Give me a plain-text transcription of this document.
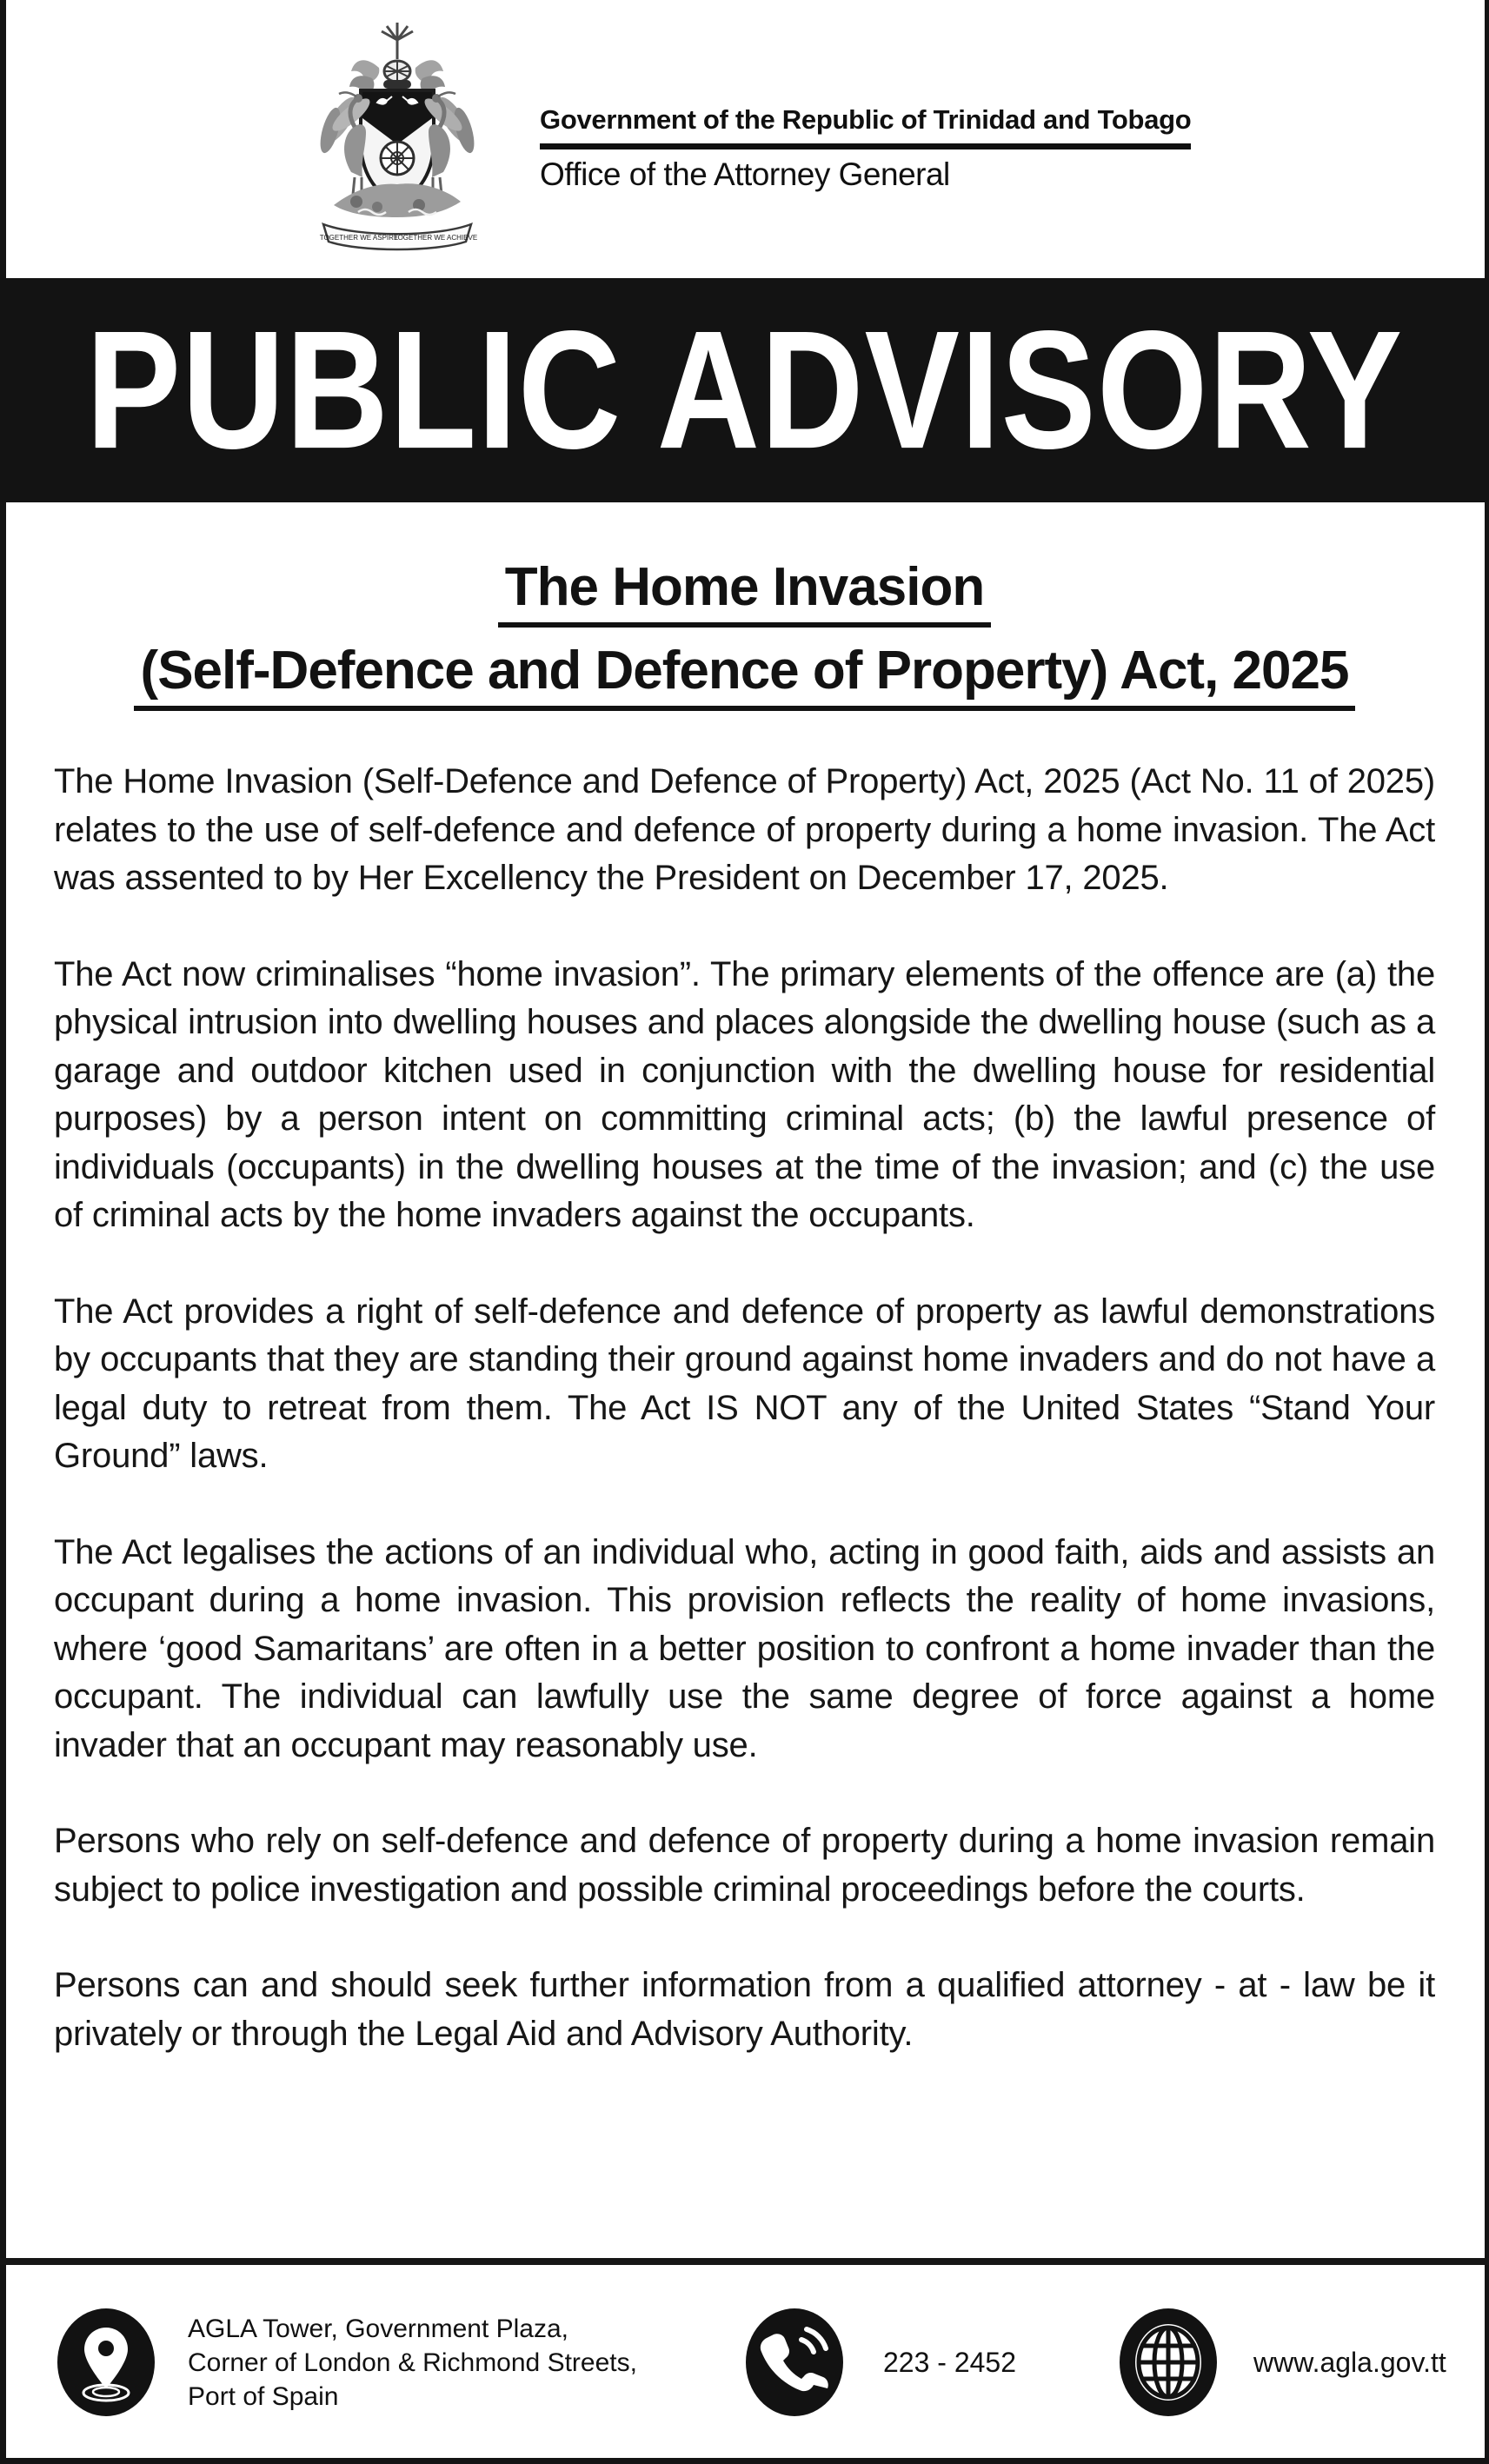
TOGETHER WE ASPIRE
TOGETHER WE ACHIEVE
Government of the Republic of Trinidad and Tobago
Office of the Attorney General
PUBLIC ADVISORY
The Home Invasion
(Self-Defence and Defence of Property) Act, 2025

The Home Invasion (Self-Defence and Defence of Property) Act, 2025 (Act No. 11 of 2025) relates to the use of self-defence and defence of property during a home invasion. The Act was assented to by Her Excellency the President on December 17, 2025.

The Act now criminalises “home invasion”. The primary elements of the offence are (a) the physical intrusion into dwelling houses and places alongside the dwelling house (such as a garage and outdoor kitchen used in conjunction with the dwelling house for residential purposes) by a person intent on committing criminal acts; (b) the lawful presence of individuals (occupants) in the dwelling houses at the time of the invasion; and (c) the use of criminal acts by the home invaders against the occupants.

The Act provides a right of self-defence and defence of property as lawful demonstrations by occupants that they are standing their ground against home invaders and do not have a legal duty to retreat from them. The Act IS NOT any of the United States “Stand Your Ground” laws.

The Act legalises the actions of an individual who, acting in good faith, aids and assists an occupant during a home invasion. This provision reflects the reality of home invasions, where ‘good Samaritans’ are often in a better position to confront a home invader than the occupant. The individual can lawfully use the same degree of force against a home invader that an occupant may reasonably use.

Persons who rely on self-defence and defence of property during a home invasion remain subject to police investigation and possible criminal proceedings before the courts.

Persons can and should seek further information from a qualified attorney - at - law be it privately or through the Legal Aid and Advisory Authority.

AGLA Tower, Government Plaza,
Corner of London & Richmond Streets,
Port of Spain
223 - 2452	www.agla.gov.tt
